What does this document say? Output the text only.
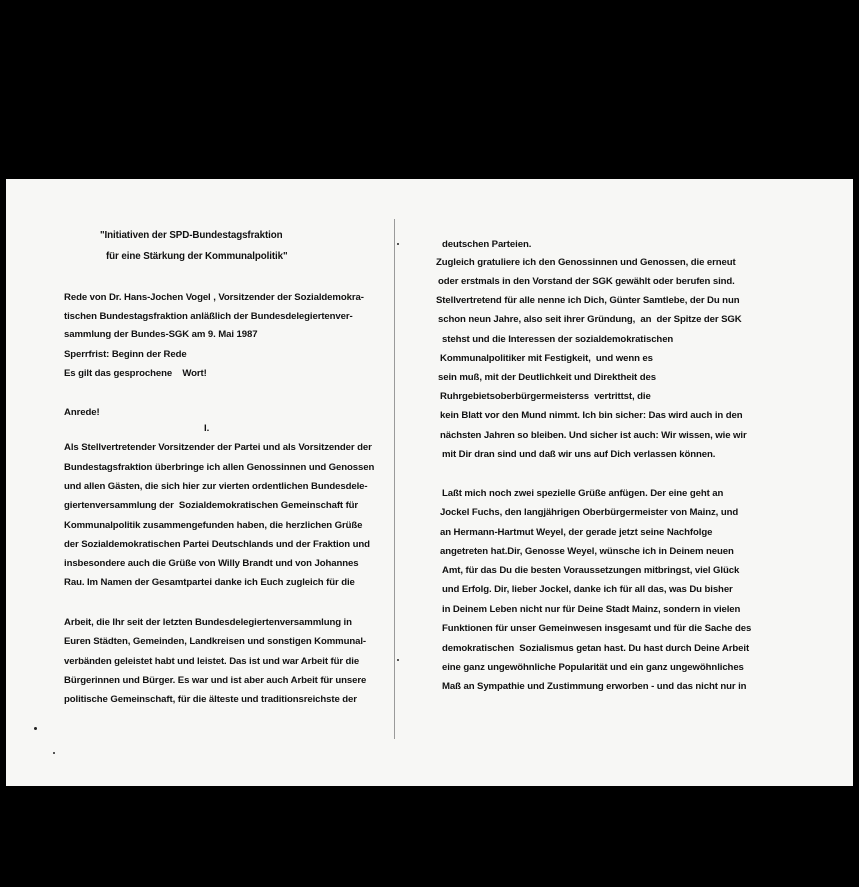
"Initiativen der SPD-Bundestagsfraktion
für eine Stärkung der Kommunalpolitik"
Rede von Dr. Hans-Jochen Vogel , Vorsitzender der Sozialdemokra-
tischen Bundestagsfraktion anläßlich der Bundesdelegiertenver-
sammlung der Bundes-SGK am 9. Mai 1987
Sperrfrist: Beginn der Rede
Es gilt das gesprochene    Wort!
Anrede!
I.
Als Stellvertretender Vorsitzender der Partei und als Vorsitzender der
Bundestagsfraktion überbringe ich allen Genossinnen und Genossen
und allen Gästen, die sich hier zur vierten ordentlichen Bundesdele-
giertenversammlung der  Sozialdemokratischen Gemeinschaft für
Kommunalpolitik zusammengefunden haben, die herzlichen Grüße
der Sozialdemokratischen Partei Deutschlands und der Fraktion und
insbesondere auch die Grüße von Willy Brandt und von Johannes
Rau. Im Namen der Gesamtpartei danke ich Euch zugleich für die
Arbeit, die Ihr seit der letzten Bundesdelegiertenversammlung in
Euren Städten, Gemeinden, Landkreisen und sonstigen Kommunal-
verbänden geleistet habt und leistet. Das ist und war Arbeit für die
Bürgerinnen und Bürger. Es war und ist aber auch Arbeit für unsere
politische Gemeinschaft, für die älteste und traditionsreichste der
deutschen Parteien.
Zugleich gratuliere ich den Genossinnen und Genossen, die erneut
oder erstmals in den Vorstand der SGK gewählt oder berufen sind.
Stellvertretend für alle nenne ich Dich, Günter Samtlebe, der Du nun
schon neun Jahre, also seit ihrer Gründung,  an  der Spitze der SGK
stehst und die Interessen der sozialdemokratischen
Kommunalpolitiker mit Festigkeit,  und wenn es
sein muß, mit der Deutlichkeit und Direktheit des
Ruhrgebietsoberbürgermeisterss  vertrittst, die
kein Blatt vor den Mund nimmt. Ich bin sicher: Das wird auch in den
nächsten Jahren so bleiben. Und sicher ist auch: Wir wissen, wie wir
mit Dir dran sind und daß wir uns auf Dich verlassen können.
Laßt mich noch zwei spezielle Grüße anfügen. Der eine geht an
Jockel Fuchs, den langjährigen Oberbürgermeister von Mainz, und
an Hermann-Hartmut Weyel, der gerade jetzt seine Nachfolge
angetreten hat.Dir, Genosse Weyel, wünsche ich in Deinem neuen
Amt, für das Du die besten Voraussetzungen mitbringst, viel Glück
und Erfolg. Dir, lieber Jockel, danke ich für all das, was Du bisher
in Deinem Leben nicht nur für Deine Stadt Mainz, sondern in vielen
Funktionen für unser Gemeinwesen insgesamt und für die Sache des
demokratischen  Sozialismus getan hast. Du hast durch Deine Arbeit
eine ganz ungewöhnliche Popularität und ein ganz ungewöhnliches
Maß an Sympathie und Zustimmung erworben - und das nicht nur in
